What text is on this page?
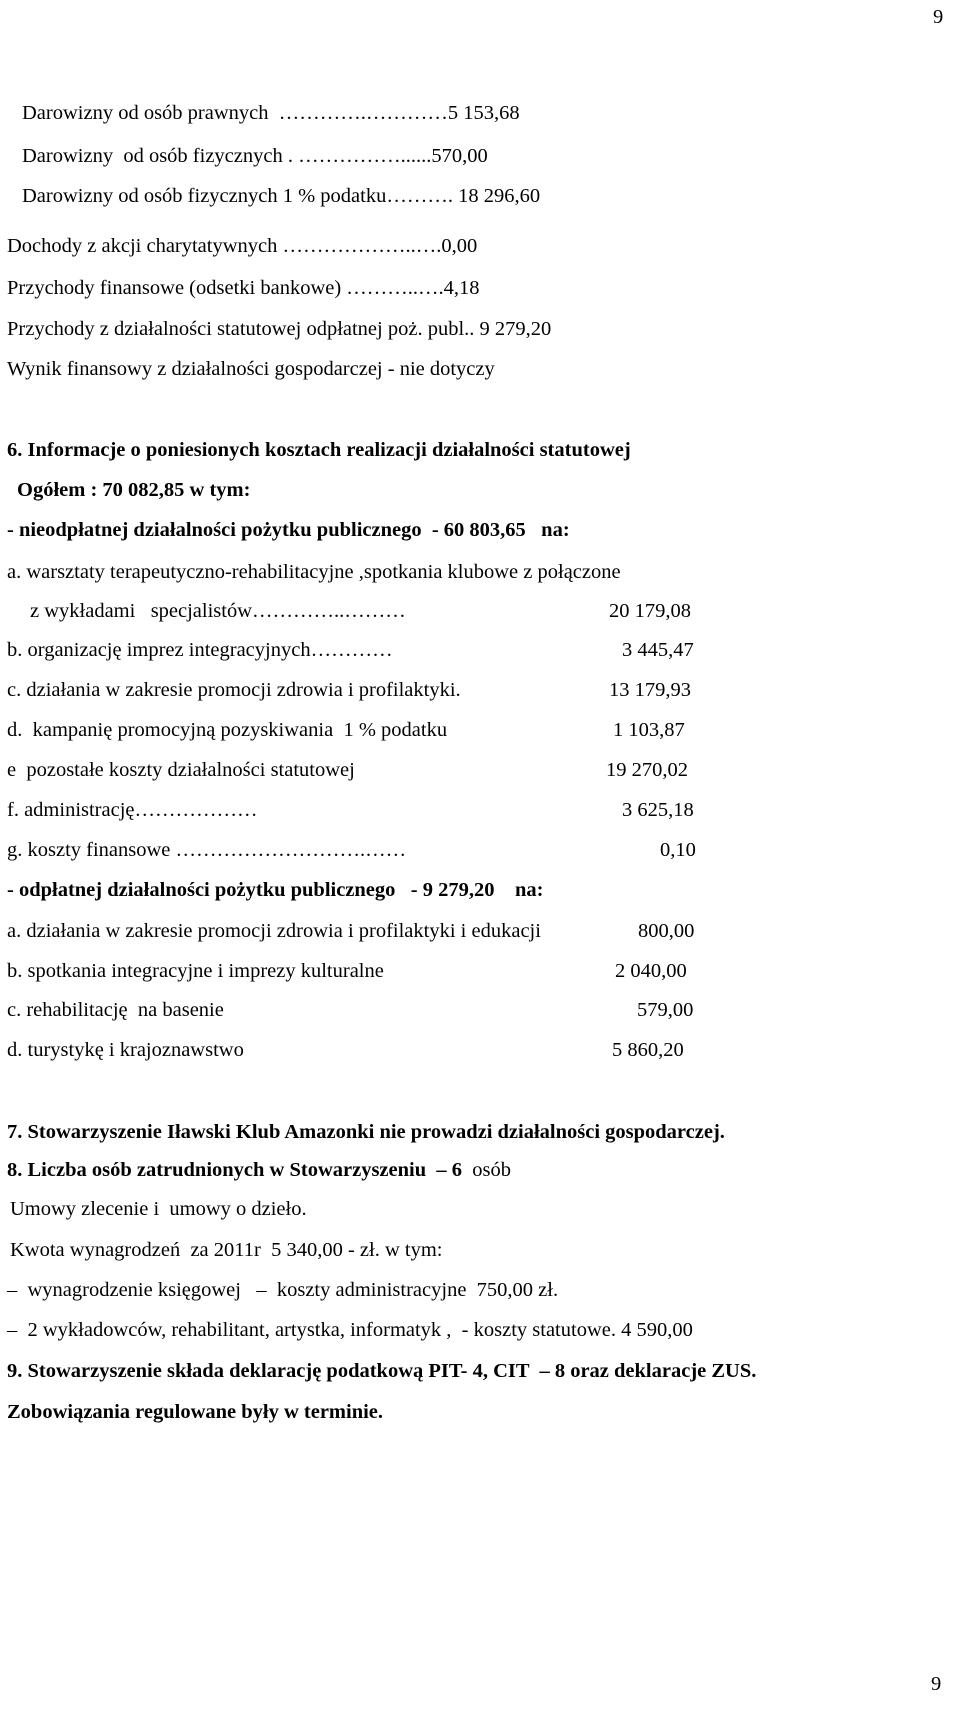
9
Darowizny od osób prawnych  ………….…………5 153,68
Darowizny  od osób fizycznych . ……………......570,00
Darowizny od osób fizycznych 1 % podatku………. 18 296,60
Dochody z akcji charytatywnych ………………..….0,00
Przychody finansowe (odsetki bankowe) ………..….4,18
Przychody z działalności statutowej odpłatnej poż. publ.. 9 279,20
Wynik finansowy z działalności gospodarczej - nie dotyczy
6. Informacje o poniesionych kosztach realizacji działalności statutowej
Ogółem : 70 082,85 w tym:
- nieodpłatnej działalności pożytku publicznego  - 60 803,65   na:
a. warsztaty terapeutyczno-rehabilitacyjne ,spotkania klubowe z połączone
z wykładami   specjalistów…………..………	20 179,08
b. organizację imprez integracyjnych…………	3 445,47
c. działania w zakresie promocji zdrowia i profilaktyki.	13 179,93
d.  kampanię promocyjną pozyskiwania  1 % podatku	1 103,87
e  pozostałe koszty działalności statutowej	19 270,02
f. administrację………………	3 625,18
g. koszty finansowe ……………………….……	0,10
- odpłatnej działalności pożytku publicznego   - 9 279,20    na:
a. działania w zakresie promocji zdrowia i profilaktyki i edukacji	800,00
b. spotkania integracyjne i imprezy kulturalne	2 040,00
c. rehabilitację  na basenie	579,00
d. turystykę i krajoznawstwo	5 860,20
7. Stowarzyszenie Iławski Klub Amazonki nie prowadzi działalności gospodarczej.
8. Liczba osób zatrudnionych w Stowarzyszeniu  – 6  osób
Umowy zlecenie i  umowy o dzieło.
Kwota wynagrodzeń  za 2011r  5 340,00 - zł. w tym:
–  wynagrodzenie księgowej   –  koszty administracyjne  750,00 zł.
–  2 wykładowców, rehabilitant, artystka, informatyk ,  - koszty statutowe. 4 590,00
9. Stowarzyszenie składa deklarację podatkową PIT- 4, CIT  – 8 oraz deklaracje ZUS.
Zobowiązania regulowane były w terminie.
9
